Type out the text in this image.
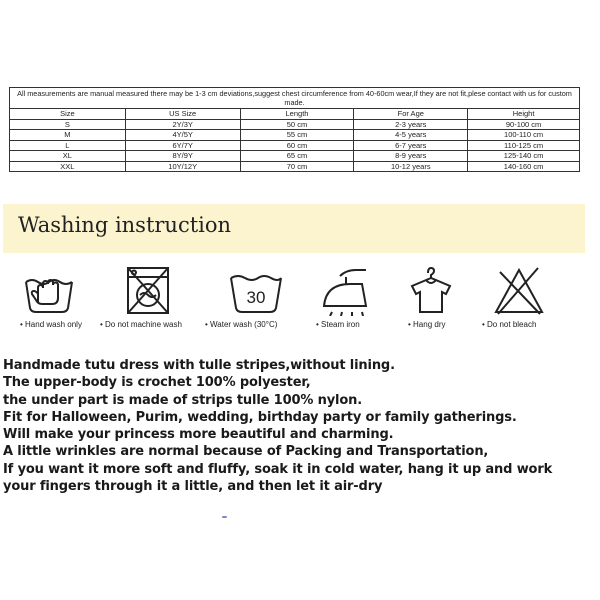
All measurements are manual measured there may be 1-3 cm deviations,suggest chest circumference from 40-60cm wear,If they are not fit,plese contact with us for custom made.				
Size	US Size	Length	For Age	Height
S	2Y/3Y	50 cm	2-3 years	90-100 cm
M	4Y/5Y	55 cm	4-5 years	100-110 cm
L	6Y/7Y	60 cm	6-7 years	110-125 cm
XL	8Y/9Y	65 cm	8-9 years	125-140 cm
XXL	10Y/12Y	70 cm	10-12 years	140-160 cm
Washing instruction
30
• Hand wash only • Do not machine wash	• Water wash (30°C)	• Steam iron	• Hang dry	• Do not bleach
Handmade tutu dress with tulle stripes,without lining.
The upper-body is crochet 100% polyester,
the under part is made of strips tulle 100% nylon.
Fit for Halloween, Purim, wedding, birthday party or family gatherings.
Will make your princess more beautiful and charming.
A little wrinkles are normal because of Packing and Transportation,
If you want it more soft and fluffy, soak it in cold water, hang it up and work
your fingers through it a little, and then let it air-dry
